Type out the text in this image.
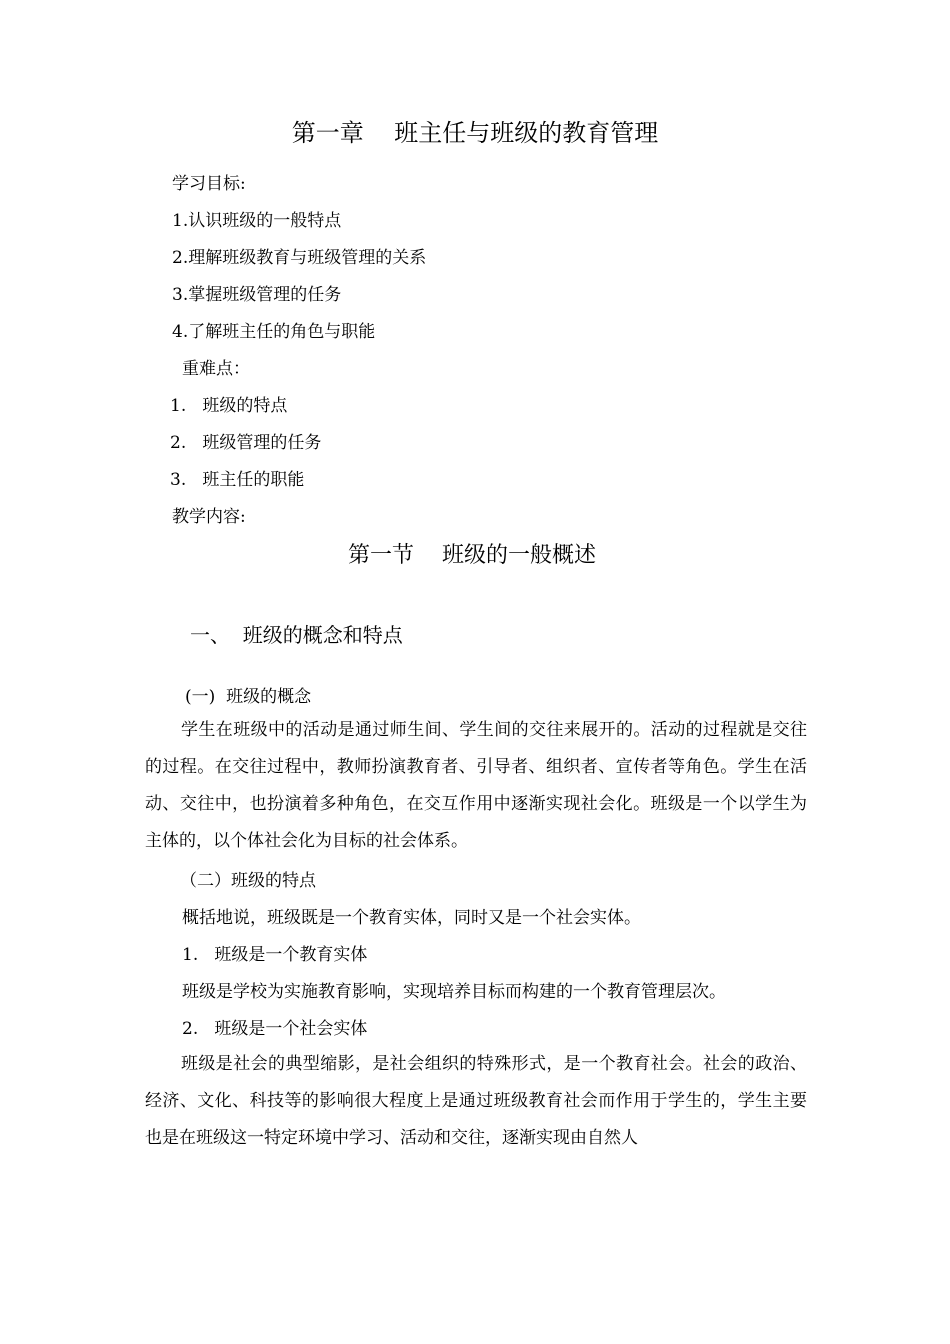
第一章    班主任与班级的教育管理
学习目标:
1.认识班级的一般特点
2.理解班级教育与班级管理的关系
3.掌握班级管理的任务
4.了解班主任的角色与职能
重难点：
1.   班级的特点
2.   班级管理的任务
3.   班主任的职能
教学内容:
第一节    班级的一般概述
一、  班级的概念和特点
(一)  班级的概念
学生在班级中的活动是通过师生间、学生间的交往来展开的。活动的过程就是交往的过程。在交往过程中，教师扮演教育者、引导者、组织者、宣传者等角色。学生在活动、交往中，也扮演着多种角色，在交互作用中逐渐实现社会化。班级是一个以学生为主体的，以个体社会化为目标的社会体系。
（二）班级的特点
概括地说，班级既是一个教育实体，同时又是一个社会实体。
1.   班级是一个教育实体
班级是学校为实施教育影响，实现培养目标而构建的一个教育管理层次。
2.   班级是一个社会实体
班级是社会的典型缩影，是社会组织的特殊形式，是一个教育社会。社会的政治、经济、文化、科技等的影响很大程度上是通过班级教育社会而作用于学生的，学生主要也是在班级这一特定环境中学习、活动和交往，逐渐实现由自然人
